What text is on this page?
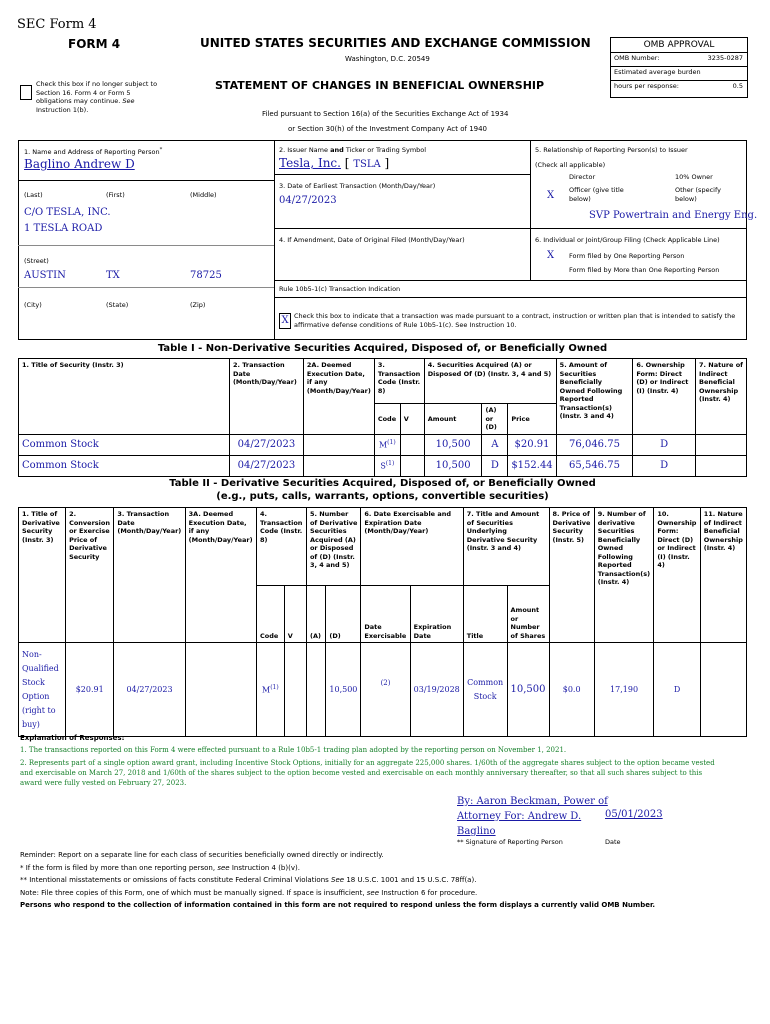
SEC Form 4
FORM 4
Check this box if no longer subject to
Section 16. Form 4 or Form 5
obligations may continue. See
Instruction 1(b).
UNITED STATES SECURITIES AND EXCHANGE COMMISSION
Washington, D.C. 20549
STATEMENT OF CHANGES IN BENEFICIAL OWNERSHIP
Filed pursuant to Section 16(a) of the Securities Exchange Act of 1934
or Section 30(h) of the Investment Company Act of 1940
OMB APPROVAL
OMB Number:	3235-0287
Estimated average burden
hours per response:	0.5
1. Name and Address of Reporting Person*
Baglino Andrew D
(Last)	(First)	(Middle)
C/O TESLA, INC.
1 TESLA ROAD
(Street)
AUSTIN	TX	78725
(City)	(State)	(Zip)
2. Issuer Name and Ticker or Trading Symbol
Tesla, Inc. [ TSLA ]
3. Date of Earliest Transaction (Month/Day/Year)
04/27/2023
4. If Amendment, Date of Original Filed (Month/Day/Year)
5. Relationship of Reporting Person(s) to Issuer
(Check all applicable)
Director	10% Owner
X Officer (give title
below)
Other (specify
below)
SVP Powertrain and Energy Eng.
6. Individual or Joint/Group Filing (Check Applicable Line)
X Form filed by One Reporting Person
Form filed by More than One Reporting Person
Rule 10b5-1(c) Transaction Indication
X Check this box to indicate that a transaction was made pursuant to a contract, instruction or written plan that is intended to satisfy the
affirmative defense conditions of Rule 10b5-1(c). See Instruction 10.
Table I - Non-Derivative Securities Acquired, Disposed of, or Beneficially Owned
1. Title of Security (Instr. 3)	2. Transaction Date (Month/Day/Year)	2A. Deemed Execution Date, if any (Month/Day/Year)	3. Transaction Code (Instr. 8)		4. Securities Acquired (A) or Disposed Of (D) (Instr. 3, 4 and 5)			5. Amount of Securities Beneficially Owned Following Reported Transaction(s) (Instr. 3 and 4)	6. Ownership Form: Direct (D) or Indirect (I) (Instr. 4)	7. Nature of Indirect Beneficial Ownership (Instr. 4)
			Code	V	Amount	(A) or (D)	Price			
Common Stock	04/27/2023		$M^{(1)}$		10,500	A	$20.91	76,046.75	D	
Common Stock	04/27/2023		$S^{(1)}$		10,500	D	$152.44	65,546.75	D	
Table II - Derivative Securities Acquired, Disposed of, or Beneficially Owned
(e.g., puts, calls, warrants, options, convertible securities)
1. Title of Derivative Security (Instr. 3)	2. Conversion or Exercise Price of Derivative Security	3. Transaction Date (Month/Day/Year)	3A. Deemed Execution Date, if any (Month/Day/Year)	4. Transaction Code (Instr. 8)		5. Number of Derivative Securities Acquired (A) or Disposed of (D) (Instr. 3, 4 and 5)		6. Date Exercisable and Expiration Date (Month/Day/Year)		7. Title and Amount of Securities Underlying Derivative Security (Instr. 3 and 4)		8. Price of Derivative Security (Instr. 5)	9. Number of derivative Securities Beneficially Owned Following Reported Transaction(s) (Instr. 4)	10. Ownership Form: Direct (D) or Indirect (I) (Instr. 4)	11. Nature of Indirect Beneficial Ownership (Instr. 4)
				Code	V	(A)	(D)	Date Exercisable	Expiration Date	Title	Amount or Number of Shares				
Non-Qualified Stock Option (right to buy)	$20.91	04/27/2023		$M^{(1)}$			10,500	(2)	03/19/2028	Common Stock	10,500	$0.0	17,190	D	
Explanation of Responses:
1. The transactions reported on this Form 4 were effected pursuant to a Rule 10b5-1 trading plan adopted by the reporting person on November 1, 2021.
2. Represents part of a single option award grant, including Incentive Stock Options, initially for an aggregate 225,000 shares. 1/60th of the aggregate shares subject to the option became vested
and exercisable on March 27, 2018 and 1/60th of the shares subject to the option become vested and exercisable on each monthly anniversary thereafter, so that all such shares subject to this
award were fully vested on February 27, 2023.
By: Aaron Beckman, Power of
Attorney For: Andrew D.
Baglino
05/01/2023
** Signature of Reporting Person	Date
Reminder: Report on a separate line for each class of securities beneficially owned directly or indirectly.
* If the form is filed by more than one reporting person, see Instruction 4 (b)(v).
** Intentional misstatements or omissions of facts constitute Federal Criminal Violations See 18 U.S.C. 1001 and 15 U.S.C. 78ff(a).
Note: File three copies of this Form, one of which must be manually signed. If space is insufficient, see Instruction 6 for procedure.
Persons who respond to the collection of information contained in this form are not required to respond unless the form displays a currently valid OMB Number.
